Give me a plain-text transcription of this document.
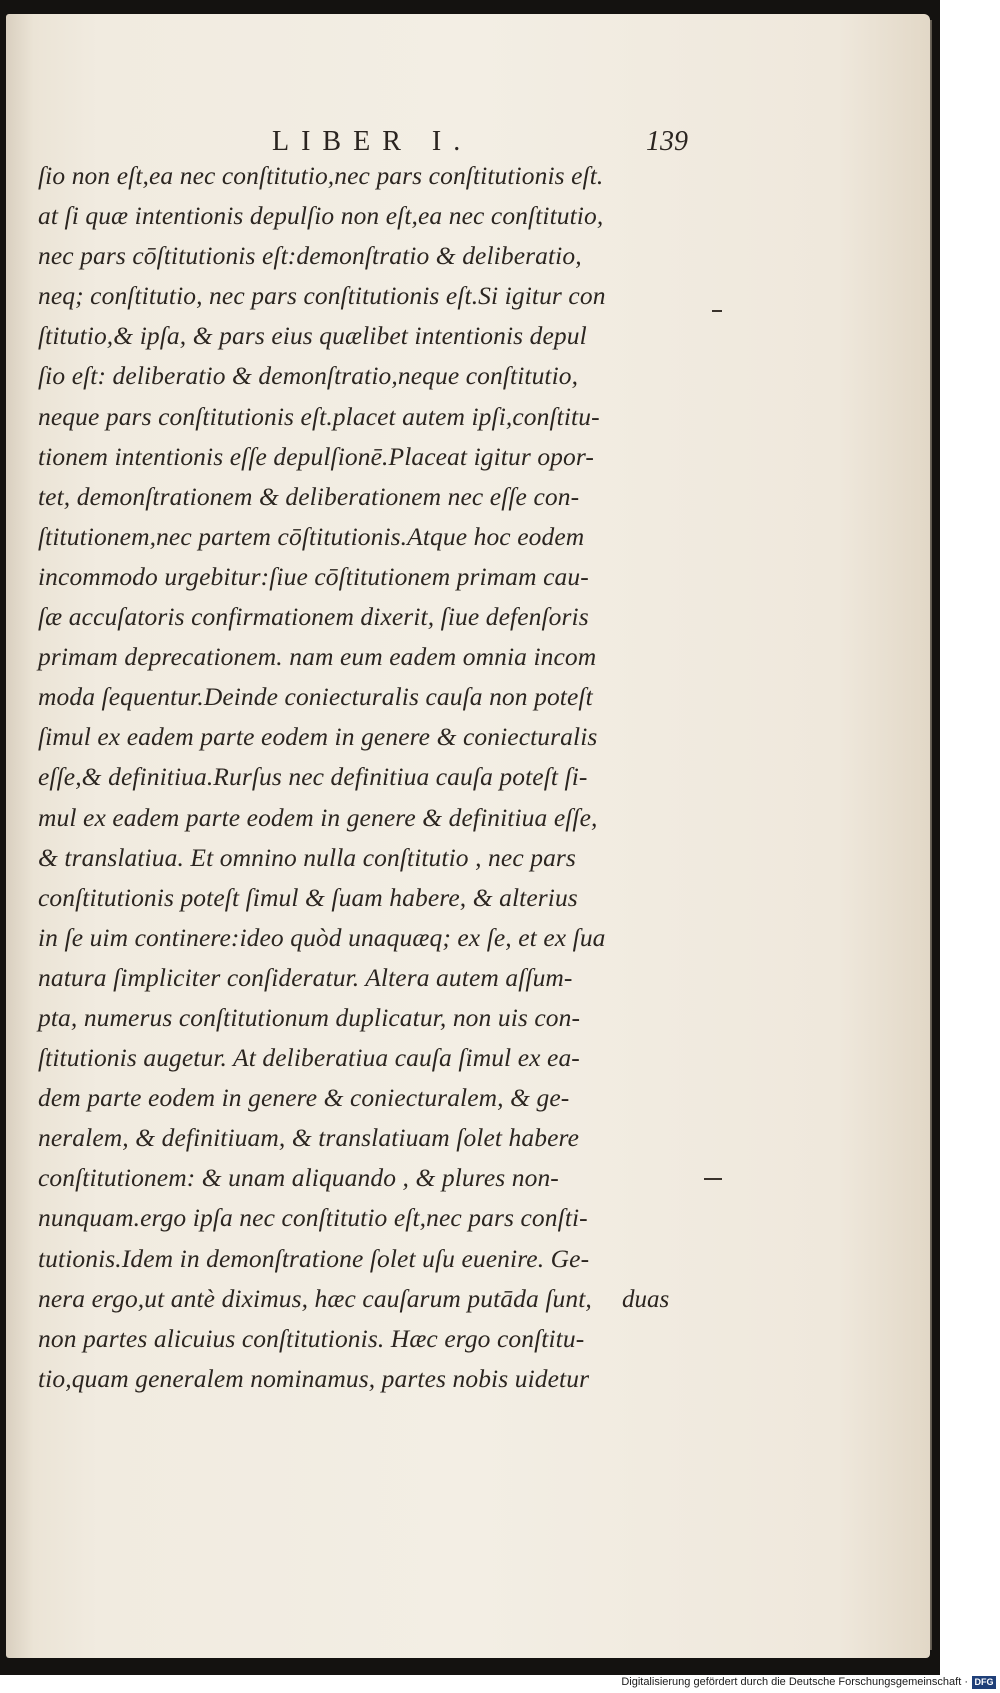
LIBER I.	139
ſio non eſt,ea nec conſtitutio,nec pars conſtitutionis eſt.
at ſi quæ intentionis depulſio non eſt,ea nec conſtitutio,
nec pars cōſtitutionis eſt:demonſtratio & deliberatio,
neq; conſtitutio, nec pars conſtitutionis eſt.Si igitur con
ſtitutio,& ipſa, & pars eius quælibet intentionis depul
ſio eſt: deliberatio & demonſtratio,neque conſtitutio,
neque pars conſtitutionis eſt.placet autem ipſi,conſtitu-
tionem intentionis eſſe depulſionē.Placeat igitur opor-
tet, demonſtrationem & deliberationem nec eſſe con-
ſtitutionem,nec partem cōſtitutionis.Atque hoc eodem
incommodo urgebitur:ſiue cōſtitutionem primam cau-
ſæ accuſatoris confirmationem dixerit, ſiue defenſoris
primam deprecationem. nam eum eadem omnia incom
moda ſequentur.Deinde coniecturalis cauſa non poteſt
ſimul ex eadem parte eodem in genere & coniecturalis
eſſe,& definitiua.Rurſus nec definitiua cauſa poteſt ſi-
mul ex eadem parte eodem in genere & definitiua eſſe,
& translatiua. Et omnino nulla conſtitutio , nec pars
conſtitutionis poteſt ſimul & ſuam habere, & alterius
in ſe uim continere:ideo quòd unaquæq; ex ſe, et ex ſua
natura ſimpliciter conſideratur. Altera autem aſſum-
pta, numerus conſtitutionum duplicatur, non uis con-
ſtitutionis augetur. At deliberatiua cauſa ſimul ex ea-
dem parte eodem in genere & coniecturalem, & ge-
neralem, & definitiuam, & translatiuam ſolet habere
conſtitutionem: & unam aliquando , & plures non-
nunquam.ergo ipſa nec conſtitutio eſt,nec pars conſti-
tutionis.Idem in demonſtratione ſolet uſu euenire. Ge-
nera ergo,ut antè diximus, hæc cauſarum putāda ſunt,
non partes alicuius conſtitutionis. Hæc ergo conſtitu-
tio,quam generalem nominamus, partes nobis uidetur
duas
Digitalisierung gefördert durch die Deutsche Forschungsgemeinschaft · DFG
